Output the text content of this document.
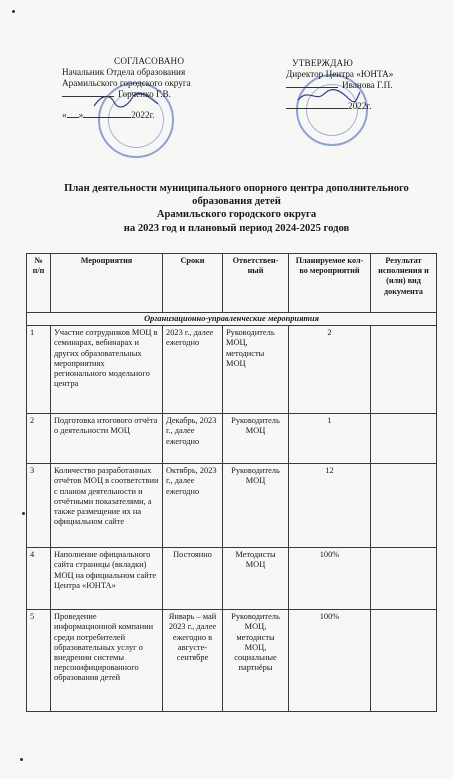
СОГЛАСОВАНО
Начальник Отдела образования
Арамильского городского округа
Горченко Г.В.
« »	2022г.
УТВЕРЖДАЮ
Директор Центра «ЮНТА»
Иванова Г.П.
2022г.
План деятельности муниципального опорного центра дополнительного
образования детей
Арамильского городского округа
на 2023 год и плановый период 2024-2025 годов
№ п/п	Мероприятия	Сроки	Ответствен-ный	Планируемое кол-во мероприятий	Результат исполнения и (или) вид документа
Организационно-управленческие мероприятия					
1	Участие сотрудников МОЦ в семинарах, вебинарах и других образовательных мероприятиях регионального модельного центра	2023 г., далее ежегодно	Руководитель МОЦ, методисты МОЦ	2	
2	Подготовка итогового отчёта о деятельности МОЦ	Декабрь, 2023 г., далее ежегодно	Руководитель МОЦ	1	
3	Количество разработанных отчётов МОЦ в соответствии с планом деятельности и отчётными показателями, а также размещение их на официальном сайте	Октябрь, 2023 г., далее ежегодно	Руководитель МОЦ	12	
4	Наполнение официального сайта страницы (вкладки) МОЦ на официальном сайте Центра «ЮНТА»	Постоянно	Методисты МОЦ	100%	
5	Проведение информационной компании среди потребителей образовательных услуг о внедрении системы персонифицированного образования детей	Январь – май 2023 г., далее ежегодно в августе-сентябре	Руководитель МОЦ, методисты МОЦ, социальные партнёры	100%	
